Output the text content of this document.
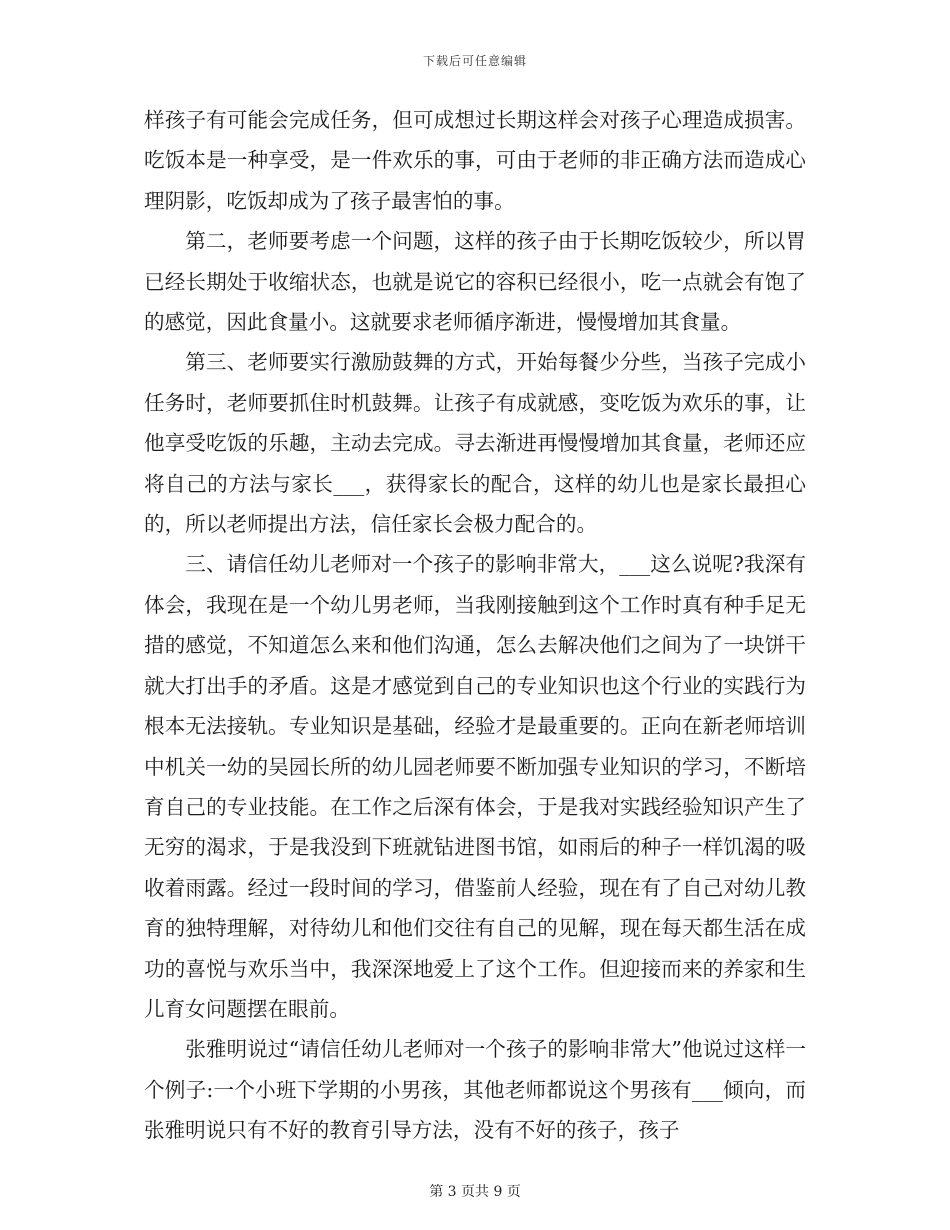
下载后可任意编辑

样孩子有可能会完成任务，但可成想过长期这样会对孩子心理造成损害。吃饭本是一种享受，是一件欢乐的事，可由于老师的非正确方法而造成心理阴影，吃饭却成为了孩子最害怕的事。

第二，老师要考虑一个问题，这样的孩子由于长期吃饭较少，所以胃已经长期处于收缩状态，也就是说它的容积已经很小，吃一点就会有饱了的感觉，因此食量小。这就要求老师循序渐进，慢慢增加其食量。

第三、老师要实行激励鼓舞的方式，开始每餐少分些，当孩子完成小任务时，老师要抓住时机鼓舞。让孩子有成就感，变吃饭为欢乐的事，让他享受吃饭的乐趣，主动去完成。寻去渐进再慢慢增加其食量，老师还应将自己的方法与家长___，获得家长的配合，这样的幼儿也是家长最担心的，所以老师提出方法，信任家长会极力配合的。

三、请信任幼儿老师对一个孩子的影响非常大，___这么说呢?我深有体会，我现在是一个幼儿男老师，当我刚接触到这个工作时真有种手足无措的感觉，不知道怎么来和他们沟通，怎么去解决他们之间为了一块饼干就大打出手的矛盾。这是才感觉到自己的专业知识也这个行业的实践行为根本无法接轨。专业知识是基础，经验才是最重要的。正向在新老师培训中机关一幼的吴园长所的幼儿园老师要不断加强专业知识的学习，不断培育自己的专业技能。在工作之后深有体会，于是我对实践经验知识产生了无穷的渴求，于是我没到下班就钻进图书馆，如雨后的种子一样饥渴的吸收着雨露。经过一段时间的学习，借鉴前人经验，现在有了自己对幼儿教育的独特理解，对待幼儿和他们交往有自己的见解，现在每天都生活在成功的喜悦与欢乐当中，我深深地爱上了这个工作。但迎接而来的养家和生儿育女问题摆在眼前。

张雅明说过“请信任幼儿老师对一个孩子的影响非常大”他说过这样一个例子:一个小班下学期的小男孩，其他老师都说这个男孩有___倾向，而张雅明说只有不好的教育引导方法，没有不好的孩子，孩子

第 3 页共 9 页
